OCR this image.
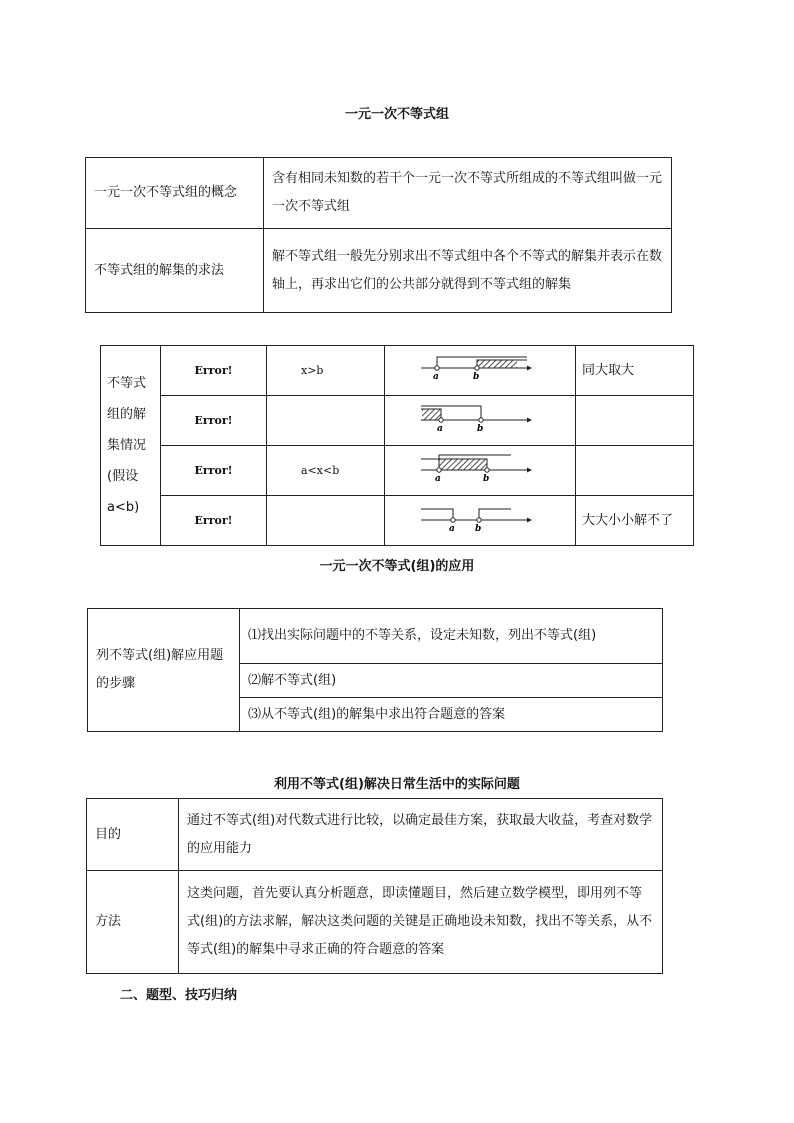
一元一次不等式组
一元一次不等式组的概念	含有相同未知数的若干个一元一次不等式所组成的不等式组叫做一元一次不等式组
不等式组的解集的求法	解不等式组一般先分别求出不等式组中各个不等式的解集并表示在数轴上，再求出它们的公共部分就得到不等式组的解集
不等式组的解集情况(假设a<b)	Error!	x>b	a b	同大取大
	Error!		a b	

	Error!	a<x<b	a b	

	Error!		a b	大大小小解不了
一元一次不等式(组)的应用
列不等式(组)解应用题的步骤	⑴找出实际问题中的不等关系，设定未知数，列出不等式(组)
⑵解不等式(组)
⑶从不等式(组)的解集中求出符合题意的答案
利用不等式(组)解决日常生活中的实际问题
目的	通过不等式(组)对代数式进行比较，以确定最佳方案，获取最大收益，考查对数学的应用能力
方法	这类问题，首先要认真分析题意，即读懂题目，然后建立数学模型，即用列不等式(组)的方法求解，解决这类问题的关键是正确地设未知数，找出不等关系，从不等式(组)的解集中寻求正确的符合题意的答案
二、题型、技巧归纳
